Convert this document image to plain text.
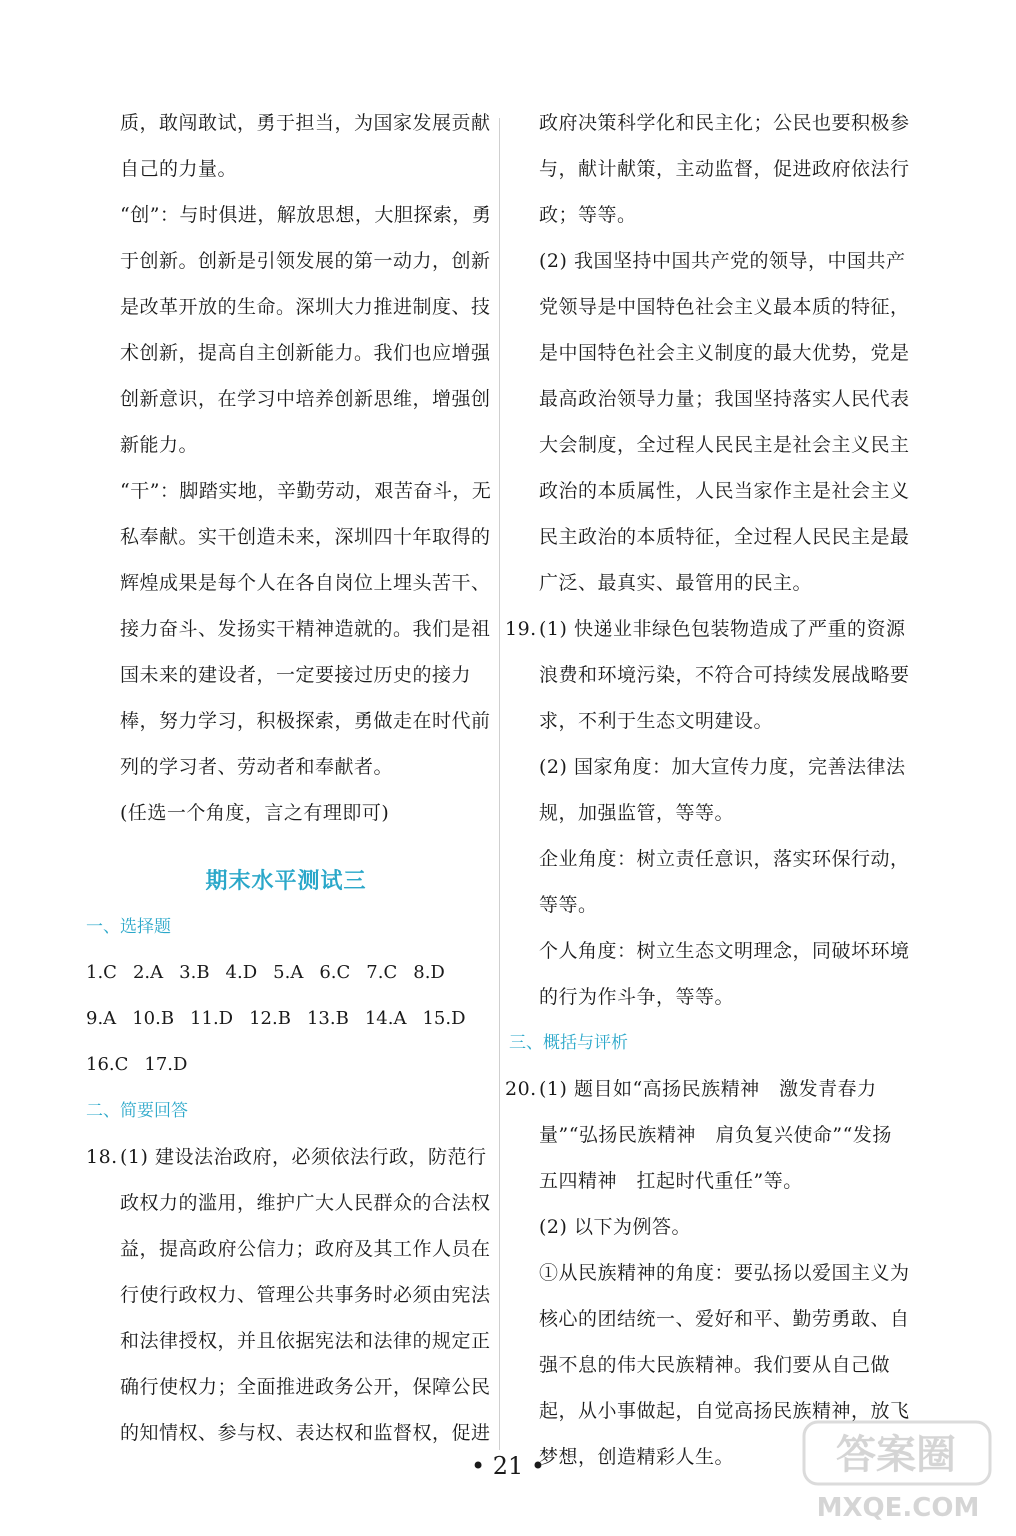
质，敢闯敢试，勇于担当，为国家发展贡献
自己的力量。
“创”：与时俱进，解放思想，大胆探索，勇
于创新。创新是引领发展的第一动力，创新
是改革开放的生命。深圳大力推进制度、技
术创新，提高自主创新能力。我们也应增强
创新意识，在学习中培养创新思维，增强创
新能力。
“干”：脚踏实地，辛勤劳动，艰苦奋斗，无
私奉献。实干创造未来，深圳四十年取得的
辉煌成果是每个人在各自岗位上埋头苦干、
接力奋斗、发扬实干精神造就的。我们是祖
国未来的建设者，一定要接过历史的接力
棒，努力学习，积极探索，勇做走在时代前
列的学习者、劳动者和奉献者。
(任选一个角度，言之有理即可)
期末水平测试三
一、选择题
1.C 2.A 3.B 4.D 5.A 6.C 7.C 8.D
9.A 10.B 11.D 12.B 13.B 14.A 15.D
16.C 17.D
二、简要回答
18. (1) 建设法治政府，必须依法行政，防范行
政权力的滥用，维护广大人民群众的合法权
益，提高政府公信力；政府及其工作人员在
行使行政权力、管理公共事务时必须由宪法
和法律授权，并且依据宪法和法律的规定正
确行使权力；全面推进政务公开，保障公民
的知情权、参与权、表达权和监督权，促进
政府决策科学化和民主化；公民也要积极参
与，献计献策，主动监督，促进政府依法行
政；等等。
(2) 我国坚持中国共产党的领导，中国共产
党领导是中国特色社会主义最本质的特征，
是中国特色社会主义制度的最大优势，党是
最高政治领导力量；我国坚持落实人民代表
大会制度，全过程人民民主是社会主义民主
政治的本质属性，人民当家作主是社会主义
民主政治的本质特征，全过程人民民主是最
广泛、最真实、最管用的民主。
19. (1) 快递业非绿色包装物造成了严重的资源
浪费和环境污染，不符合可持续发展战略要
求，不利于生态文明建设。
(2) 国家角度：加大宣传力度，完善法律法
规，加强监管，等等。
企业角度：树立责任意识，落实环保行动，
等等。
个人角度：树立生态文明理念，同破坏环境
的行为作斗争，等等。
三、概括与评析
20. (1) 题目如“高扬民族精神　激发青春力
量”“弘扬民族精神　肩负复兴使命”“发扬
五四精神　扛起时代重任”等。
(2) 以下为例答。
①从民族精神的角度：要弘扬以爱国主义为
核心的团结统一、爱好和平、勤劳勇敢、自
强不息的伟大民族精神。我们要从自己做
起，从小事做起，自觉高扬民族精神，放飞
梦想，创造精彩人生。
• 21 •	答案圈
MXQE.COM
